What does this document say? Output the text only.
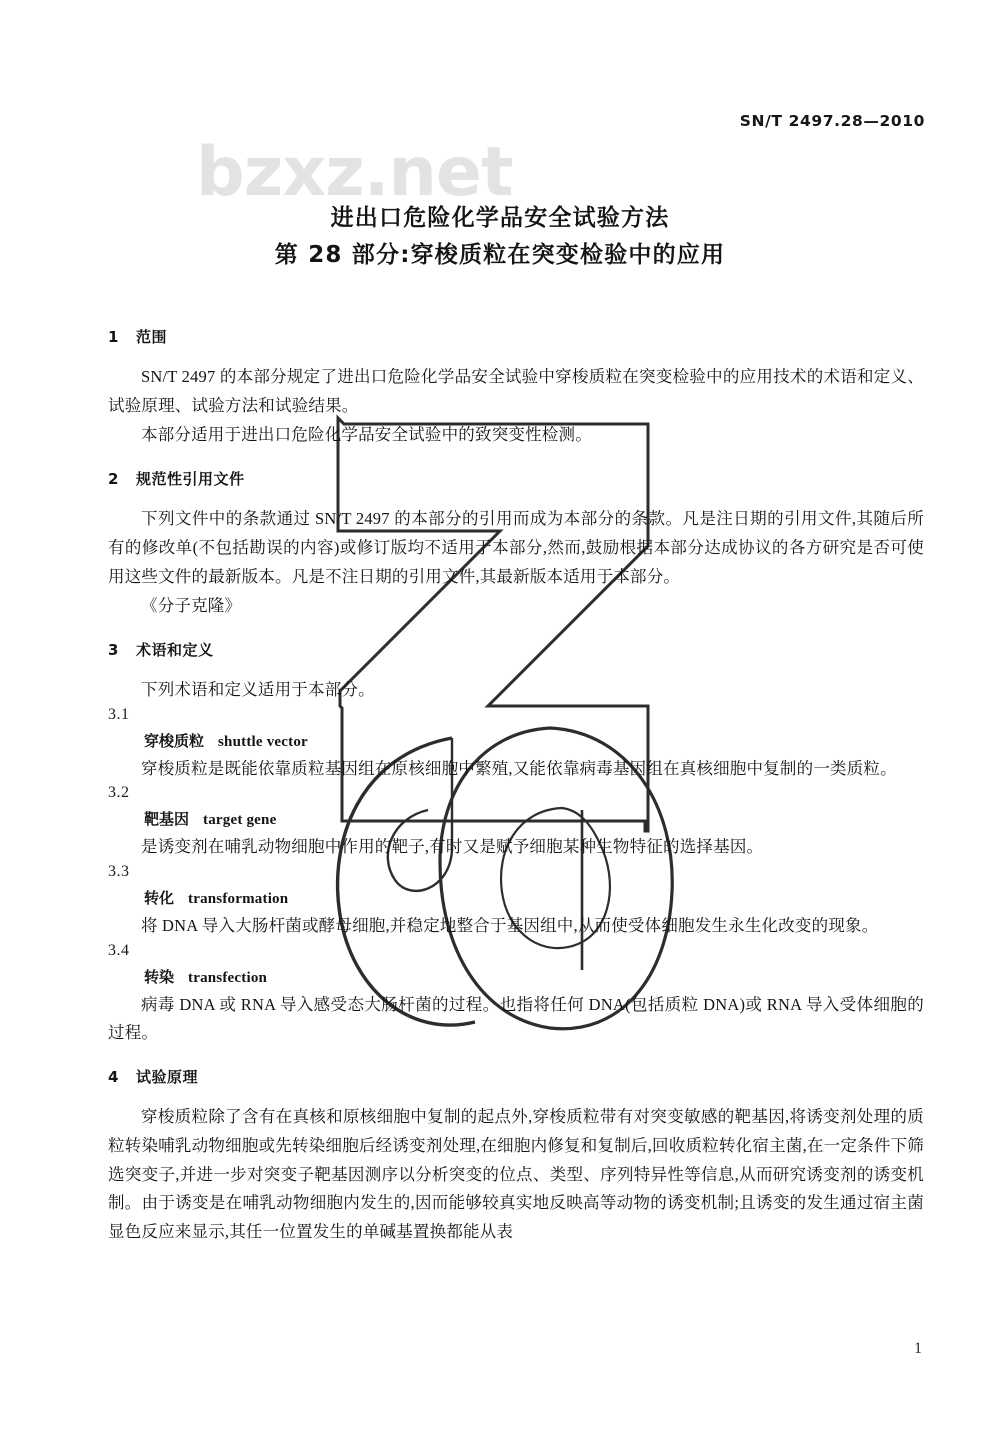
bzxz.net
SN/T 2497.28—2010
进出口危险化学品安全试验方法
第 28 部分:穿梭质粒在突变检验中的应用
1 范围

SN/T 2497 的本部分规定了进出口危险化学品安全试验中穿梭质粒在突变检验中的应用技术的术语和定义、试验原理、试验方法和试验结果。

本部分适用于进出口危险化学品安全试验中的致突变性检测。

2 规范性引用文件

下列文件中的条款通过 SN/T 2497 的本部分的引用而成为本部分的条款。凡是注日期的引用文件,其随后所有的修改单(不包括勘误的内容)或修订版均不适用于本部分,然而,鼓励根据本部分达成协议的各方研究是否可使用这些文件的最新版本。凡是不注日期的引用文件,其最新版本适用于本部分。

《分子克隆》

3 术语和定义

下列术语和定义适用于本部分。

3.1
穿梭质粒 shuttle vector

穿梭质粒是既能依靠质粒基因组在原核细胞中繁殖,又能依靠病毒基因组在真核细胞中复制的一类质粒。

3.2
靶基因 target gene

是诱变剂在哺乳动物细胞中作用的靶子,有时又是赋予细胞某种生物特征的选择基因。

3.3
转化 transformation

将 DNA 导入大肠杆菌或酵母细胞,并稳定地整合于基因组中,从而使受体细胞发生永生化改变的现象。

3.4
转染 transfection

病毒 DNA 或 RNA 导入感受态大肠杆菌的过程。也指将任何 DNA(包括质粒 DNA)或 RNA 导入受体细胞的过程。

4 试验原理

穿梭质粒除了含有在真核和原核细胞中复制的起点外,穿梭质粒带有对突变敏感的靶基因,将诱变剂处理的质粒转染哺乳动物细胞或先转染细胞后经诱变剂处理,在细胞内修复和复制后,回收质粒转化宿主菌,在一定条件下筛选突变子,并进一步对突变子靶基因测序以分析突变的位点、类型、序列特异性等信息,从而研究诱变剂的诱变机制。由于诱变是在哺乳动物细胞内发生的,因而能够较真实地反映高等动物的诱变机制;且诱变的发生通过宿主菌显色反应来显示,其任一位置发生的单碱基置换都能从表

1
